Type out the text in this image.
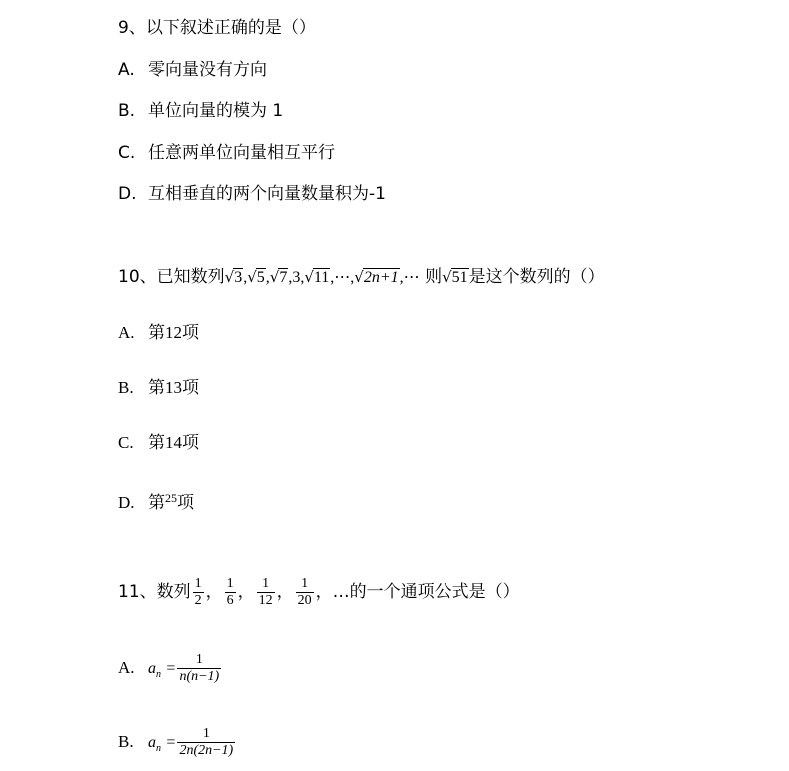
9、以下叙述正确的是（）
A. 零向量没有方向
B. 单位向量的模为 1
C. 任意两单位向量相互平行
D. 互相垂直的两个向量数量积为-1
10、已知数列√3,√5,√7,3,√11,⋯,√2n+1,⋯ 则√51是这个数列的（）
A. 第12项
B. 第13项
C. 第14项
D. 第$^{25}$项
11、数列 $\frac{1}{2}$ ， $\frac{1}{6}$ ， $\frac{1}{12}$ ， $\frac{1}{20}$ ，…的一个通项公式是（）
A. $a_n = \frac{1}{n(n-1)}$
B. $a_n = \frac{1}{2n(2n-1)}$
